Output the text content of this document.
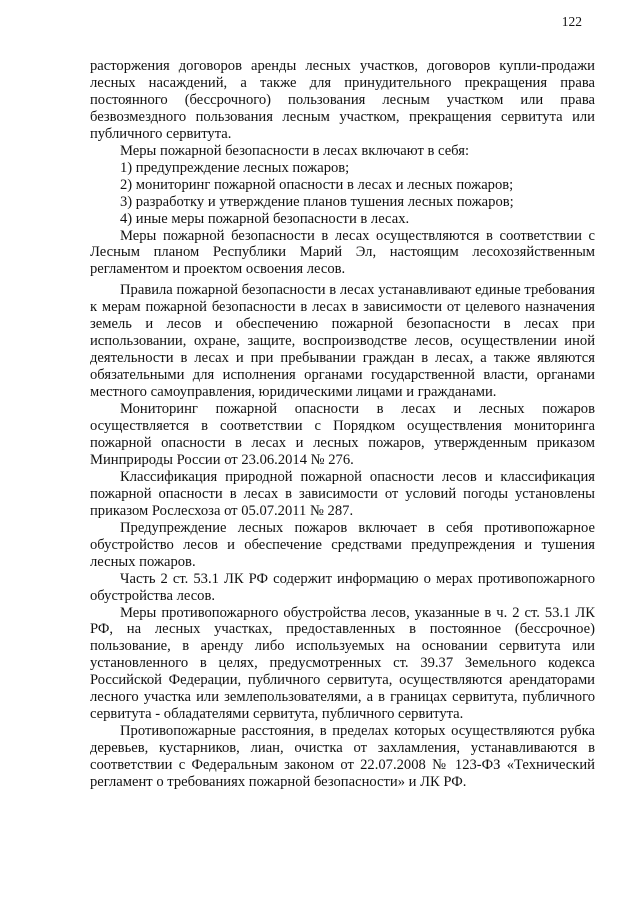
122

расторжения договоров аренды лесных участков, договоров купли-продажи лесных насаждений, а также для принудительного прекращения права постоянного (бессрочного) пользования лесным участком или права безвозмездного пользования лесным участком, прекращения сервитута или публичного сервитута.

Меры пожарной безопасности в лесах включают в себя:

1) предупреждение лесных пожаров;

2) мониторинг пожарной опасности в лесах и лесных пожаров;

3) разработку и утверждение планов тушения лесных пожаров;

4) иные меры пожарной безопасности в лесах.

Меры пожарной безопасности в лесах осуществляются в соответствии с Лесным планом Республики Марий Эл, настоящим лесохозяйственным регламентом и проектом освоения лесов.

Правила пожарной безопасности в лесах устанавливают единые требования к мерам пожарной безопасности в лесах в зависимости от целевого назначения земель и лесов и обеспечению пожарной безопасности в лесах при использовании, охране, защите, воспроизводстве лесов, осуществлении иной деятельности в лесах и при пребывании граждан в лесах, а также являются обязательными для исполнения органами государственной власти, органами местного самоуправления, юридическими лицами и гражданами.

Мониторинг пожарной опасности в лесах и лесных пожаров осуществляется в соответствии с Порядком осуществления мониторинга пожарной опасности в лесах и лесных пожаров, утвержденным приказом Минприроды России от 23.06.2014 № 276.

Классификация природной пожарной опасности лесов и классификация пожарной опасности в лесах в зависимости от условий погоды установлены приказом Рослесхоза от 05.07.2011 № 287.

Предупреждение лесных пожаров включает в себя противопожарное обустройство лесов и обеспечение средствами предупреждения и тушения лесных пожаров.

Часть 2 ст. 53.1 ЛК РФ содержит информацию о мерах противопожарного обустройства лесов.

Меры противопожарного обустройства лесов, указанные в ч. 2 ст. 53.1 ЛК РФ, на лесных участках, предоставленных в постоянное (бессрочное) пользование, в аренду либо используемых на основании сервитута или установленного в целях, предусмотренных ст. 39.37 Земельного кодекса Российской Федерации, публичного сервитута, осуществляются арендаторами лесного участка или землепользователями, а в границах сервитута, публичного сервитута - обладателями сервитута, публичного сервитута.

Противопожарные расстояния, в пределах которых осуществляются рубка деревьев, кустарников, лиан, очистка от захламления, устанавливаются в соответствии с Федеральным законом от 22.07.2008 № 123-ФЗ «Технический регламент о требованиях пожарной безопасности» и ЛК РФ.
